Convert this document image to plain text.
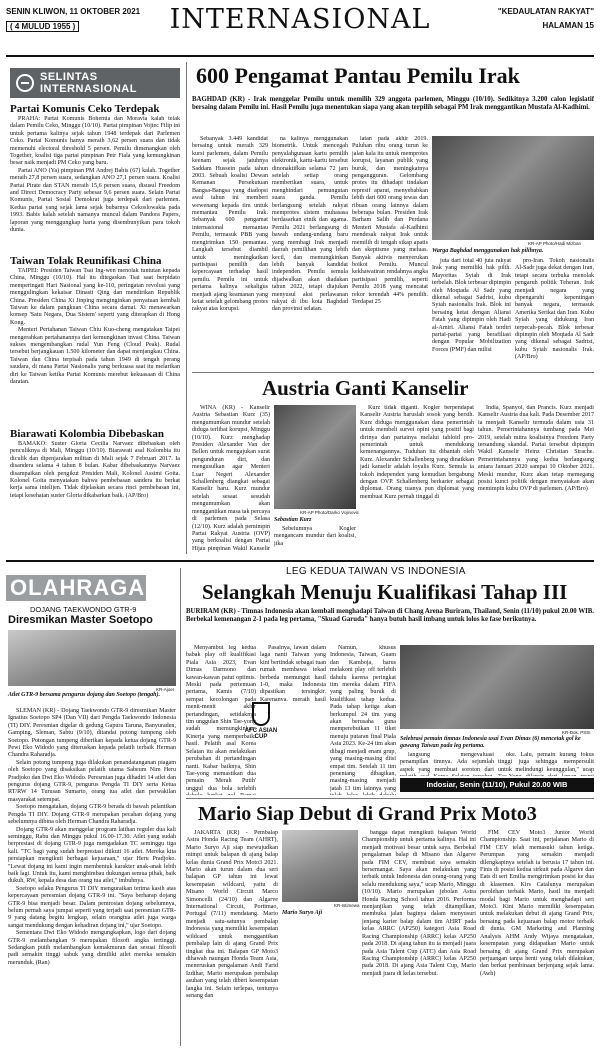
SENIN KLIWON, 11 OKTOBER 2021
( 4 MULUD 1955 )	INTERNASIONAL	"KEDAULATAN RAKYAT"
HALAMAN 15
SELINTAS INTERNASIONAL
Partai Komunis Ceko Terdepak

PRAHA: Partai Komunis Bohemia dan Moravia kalah telak dalam Pemilu Ceko, Minggu (10/10). Partai pimpinan Vojtec Filip ini untuk pertama kalinya sejak tahun 1948 terdepak dari Parlemen Ceko. Partai Komunis hanya meraih 3,62 persen suara dan tidak memenuhi electoral threshold 5 persen. Pemilu dimenangkan oleh Together, koalisi tiga partai pimpinan Petr Fiala yang kemungkinan besar naik menjadi PM Ceko yang baru.

Partai ANO (Ya) pimpinan PM Andrej Babis (67) kalah. Together meraih 27,8 persen suara, sedangkan ANO 27,1 persen suara. Koalisi Partai Pirate dan STAN meraih 15,6 persen suara, disusul Freedom and Direct Democracy Party sebesar 9,6 persen suara. Selain Partai Komunis, Partai Sosial Demokrat juga terdepak dari parlemen. Kedua partai yang sejak lama sejak bubarnya Cekoslowakia pada 1993. Babis kalah setelah namanya muncul dalam Pandora Papers, laporan yang menggungkap harta yang disembunyikan para tokoh dunia.

Taiwan Tolak Reunifikasi China

TAIPEI: Presiden Taiwan Tsai Ing-wen menolak tuntutan kepada China, Minggu (10/10). Hal itu ditegaskan Tsai saat berpidato memperingati Hari Nasional yang ke-110, peringatan revolusi yang menggulingkan kekaisar Dinasti Qing dan mendirikan Republik China. Presiden China Xi Jinping menginginkan penyatuan kembali Taiwan ke dalam pangkuan China secara damai. Xi menawarkan konsep 'Satu Negara, Dua Sistem' seperti yang diterapkan di Hong Kong.

Menteri Pertahanan Taiwan Chiu Kuo-cheng mengatakan Taipei mengerahkan pertahanannya dari kemungkinan invasi China. Taiwan sukses mengembangkan rudal Yun Feng (Cloud Peak). Rudal tersebut berjangkauan 1.500 kilometer dan dapat menjangkau China. Taiwan dan China terpisah pada tahun 1949 di tengah perang saudara, di mana Partai Nasionalis yang berkuasa saat itu melarikan diri ke Taiwan ketika Partai Komunis merebut kekuasaan di China daratan.

Biarawati Kolombia Dibebaskan

BAMAKO: Suster Gloria Cecilia Narvaez dibebaskan oleh penculiknya di Mali, Minggu (10/10). Biarawati asal Kolombia itu diculik dan dipenjarakan militan di Mali sejak 7 Februari 2017. Ia disandera selama 4 tahun 8 bulan. Kabar dibebaskannya Narvaez disampaikan oleh pengikut Presiden Mali, Kolonel Assimi Goita. Kolonel Goita menyatakan bahwa pembebasan sandera itu berkat kerja sama intelijen. Tidak dijelaskan secara rinci pembebasan ini, tetapi kesehatan suster Gloria dikabarkan baik. (AP/Bro)

600 Pengamat Pantau Pemilu Irak
BAGHDAD (KR) - Irak menggelar Pemilu untuk memilih 329 anggota parlemen, Minggu (10/10). Sedikitnya 3.200 calon legislatif bersaing dalam Pemilu ini. Hasil Pemilu juga menentukan siapa yang akan terpilih sebagai PM Irak menggantikan Mustafa Al-Kadhimi.

Sebanyak 3.449 kandidat bersaing untuk meraih 329 kursi parlemen, dalam Pemilu keenam sejak jatuhnya Saddam Hussein pada tahun 2003. Sebuah koalisi Dewan Kemanan Persekutuan Bangsa-Bangsa yang diadopsi awal tahun ini memberi wewenang kepada tim untuk memantau Pemilu Irak. Sebanyak 600 pengamat internasional memantau Pemilu, termasuk PBB yang mengirimkan 150 pemantau. Langkah tersebut diambil untuk meningkatkan partisipasi pemilih dan kepercayaan terhadap hasil pemilu. Pemilu ini untuk pertama kalinya sekaligus menjadi ajang keamanan yang ketat setelah gelombang protes rakyat atas korupsi.

na kalinya menggunakan biometrik. Untuk mencegah penyalahgunaan kartu pemilih elektronik, kartu-kartu tersebut dinonaktifkan selama 72 jam setelah setiap orang memberikan suara, untuk menghindari pemungutan suara ganda. Pemilu berlangsung setelah rakyat memprotes sistem muhasasa berdasarkan etnik dan agama. Pemilu 2021 berlangsung di bawah undang-undang baru yang membagi Irak menjadi daerah pemilihan yang lebih kecil, dan memungkinkan lebih banyak kandidat independen. Pemilu semula dijadwalkan akan diadakan tahun 2022, tetapi diajukan menyusul aksi perlawanan rakyat di ibu kota Baghdad dan provinsi selatan.

latan pada akhir 2019. Puluhan ribu orang turun ke jalan kala itu untuk memprotes korupsi, layanan publik yang buruk, dan meningkatnya pengangguran. Gelombang protes itu dihadapi tindakan represif aparat, menyebabkan lebih dari 600 orang tewas dan ribuan orang lainnya dalam beberapa bulan. Presiden Irak Barham Salih dan Perdana Menteri Mustafa al-Kadhimi mendesak rakyat Irak untuk memilih di tengah sikap apatis dan skeptisme yang meluas. Banyak aktivis menyerukan boikot Pemilu. Muncul kekhawatiran rendahnya angka partisipasi pemilih, seperti Pemilu 2018 yang mencatat rekor terendah 44% pemilih. Terdapat 25

KR-AP Photo/Hadi Mizban
Warga Baghdad menggunakan hak pilihnya.

juta dari total 40 juta rakyat Irak yang memiliki hak pilih. Mayoritas Syiah di Irak terbelah. Blok terbesar dipimpin oleh Moqtada Al Sadr yang dikenal sebagai Sadrist, kubu Syiah nasionalis Irak. Blok ini bersaing ketat dengan Aliansi Fatah yang dipimpin oleh Hadi al-Amiri. Aliansi Fatah terdiri partai-partai yang berafiliasi dengan Popular Mobilization Forces (PMF) dan milisi

pro-Iran. Tokoh nasionalis Al-Sadr juga dekat dengan Iran, tetapi secara terbuka menolak pengaruh politik Teheran. Irak menjadi negara yang dipengaruhi kepentingan banyak negara, termasuk Amerika Serikat dan Iran. Kubu Syiah yang didukung Iran terpecah-pecah. Blok terbesar dipimpin oleh Moqtada Al Sadr yang dikenal sebagai Sadrist, kubu Syiah nasionalis Irak. (AP/Bro)

Austria Ganti Kanselir

WINA (KR) - Kanselir Austria Sebastian Kurz (35) mengumumkan mundur setelah diduga terlibat korupsi, Minggu (10/10). Kurz menghadap Presiden Alexander Van der Bellen untuk mengajukan surat pengunduran diri, dan mengusulkan agar Menteri Luar Negeri Alexander Schallenberg diangkat sebagai Kanselir baru. Kurz mundur setelah sesaat sesudah mengumumkan akan menggantikan masa tak percaya di parlemen pada Selasa (12/10). Kurz adalah pemimpin Partai Rakyat Austria (OVP) yang berkoalisi dengan Partai Hijau pimpinan Wakil Kanselir

KR-AP Photo/Darko Vojinovic
Sebastian Kurz

Sebelumnya Kogler mengancam mundur dari koalisi, jika

Kurz tidak diganti. Kogler berpendapat Kanselir Austria haruslah sosok yang bersih. Kurz diduga menggunakan dana pemerintah untuk membeli survei opini yang positif bagi dirinya dan partainya melalui tabloid pro-pemerintah untuk mendukung kemenangannya. Tuduhan itu dibantah oleh Kurz. Alexander Schallenberg yang dinaikkan jadi kanselir adalah loyalis Kurz. Semula ia tokoh independen yang kemudian bergabung dengan OVP. Schallenberg berkarier sebagai diplomat. Orang tuanya pun diplomat yang membuat Kurz pernah tinggal di

India, Spanyol, dan Prancis. Kurz menjadi Kanselir Austria dua kali. Pada Desember 2017 ia menjadi Kanselir termuda dalam usia 31 tahun. Pemerintahannya tumbang pada Mei 2019, setelah mitra koalisinya Freedom Party tersandung skandal. Partai tersebut dipimpin Wakil Kanselir Heinz Christian Strache. Pemerintahannya yang kedua berlangsung antara Januari 2020 sampai 10 Oktober 2021. Meski mundur, Kurz akan tetap memegang posisi kunci politik dengan menyatakan akan memimpin kubu OVP di parlemen. (AP/Bro)

OLAHRAGA
DOJANG TAEKWONDO GTR-9
Diresmikan Master Soetopo
KR-Ajoer
Atlet GTR-9 bersama pengurus dojang dan Soetopo (tengah).

SLEMAN (KR) - Dojang Taekwondo GTR-9 diresmikan Master Ignatius Soetopo SP4 (Dan VII) dari Pengda Taekwondo Indonesia (TI) DIY. Peresmian digelar di gedung Gapura Taruna, Banyuraden, Gamping, Sleman, Sabtu (9/10), ditandai potong tumpeng oleh Soetopo. Potongan tumpeng diberikan kepada ketua dojang GTR-9 Pewi Eko Widodo yang diteruskan kepada pelatih terbaik Herman Chandra Raharadja.

Selain potong tumpeng juga dilakukan penandatanganan piagam oleh Soetopo yang disaksikan pelatih utama Sabeum Nim Heru Pradjoko dan Dwi Eko Widodo. Peresmian juga dihadiri 14 atlet dan pengurus dojang GTR-9, pengurus Pengda TI DIY serta Ketua RT/RW 14 Turusan Sumarto, orang tua atlet dan perwakilan masyarakat setempat.

Soetopo mengatakan, dojang GTR-9 berada di bawah pelantikan Pengda TI DIY. Dojang GTR-9 merupakan pecahan dojang yang sebelumnya dibina oleh Herman Chandra Raharadja.

Dojang GTR-9 akan menggelar program latihan reguler dua kali seminggu, Rabu dan Minggu pukul 16.00-17.30. Atlet yang sudah berprestasi di dojang GTR-9 juga mengadakan TC seminggu tiga kali. "TC bagi yang sudah berprestasi diikuti 16 atlet. Mereka kita persiapkan mengikuti berbagai kejuaraan," ujar Heru Pradjoko. "Lewat dojang ini kami ingin membentuk karakter anak-anak lebih baik lagi. Untuk itu, kami menghimbau dukungan semua pihak, baik dukuh, RW, kepala desa dan orang tua atlet," imbuhnya.

Soetopo selaku Pengurus TI DIY menguraikan terima kasih atas kepercayaan peresmian dojang GTR-9 ini. "Saya berharap dojang GTR-9 bisa menjadi besar. Dalam pemrosian dojang sebelumnya, belum pernah saya jumpai seperti yang terjadi saat peresmian GTR-9 yang datang begitu lengkap, selain orangtua atlet juga warga sangat mendukung dengan kehadiran dojang ini," ujar Soetopo.

Sementara Dwi Eko Widodo mengungkapkan, logo dari dojang GTR-9 melambangkan 9 merupakan filosofi angka tertinggi. Sedangkan putih melambangkan kemakmuran dan sesuai filosofi padi semakin tinggi sabuk yang dimiliki atlet mereka semakin merunduk. (Ran)

LEG KEDUA TAIWAN VS INDONESIA
Selangkah Menuju Kualifikasi Tahap III
BURIRAM (KR) - Timnas Indonesia akan kembali menghadapi Taiwan di Chang Arena Buriram, Thailand, Senin (11/10) pukul 20.00 WIB. Berbekal kemenangan 2-1 pada leg pertama, "Skuad Garuda" hanya butuh hasil imbang untuk lolos ke fase berikutnya.

Menyambut leg kedua babak play off kualifikasi Piala Asia 2023, Evan Dimas Darmono dan kawan-kawan patut optimis. Meski pada pertemuan pertama, Kamis (7/10) sempat kecolongan pada menit-menit akhir pertandingan, setidaknya tim unggulan Shin Tae-yong sudah memungkinkan. Kinerja yang memperbaiki hasil. Pelatih asal Korea Selatan itu akan melakukan perubahan di pertandingan nanti. Kabar baiknya, Shin Tae-yong memastikan dua pemain 'Merah Putih' unggul dua bola terlebih

Pasalnya, lawan dalam laga nanti Taiwan yang kini bertindak sebagai tuan rumah membawa tekad berbeda memungut hasil 1-0, maka Indonesia dipastikan tersingkir. Karenanya, meraih hasil

AFC ASIAN CUP

Namun, khusus Indonesia, Taiwan, Guam dan Kamboja, harus melakoni play off terlebih dahulu karena peringkat tim mereka dalam FIFA yang paling buruk di kualifikasi tahap kedua. Pada tahap ketiga akan berkumpul 24 tim yang akan berusaha guna memperebutkan 11 tiket menuju putaran final Piala Asia 2023. Ke-24 tim akan dibagi menjadi enam grup, yang masing-masing diisi empat tim. Setelah 11 tim penentang dibagikan, masing-masing menjadi jatah 13 tim lainnya yang

KR-Dok. PSSI
Selebrasi pemain timnas Indonesia usai Evan Dimas (6) mencetak gol ke gawang Taiwan pada leg pertama.

langsung mengevaluasi penampilan timnya. Ada sejumlah aspek yang membuat soroton dari

oke. Lalu, pemain kurang fokus tinggi juga sehingga mempersulit untuk melindungi keunggulan," ucap

Indosiar, Senin (11/10), Pukul 20.00 WIB
Mario Siap Debut di Grand Prix Moto3

JAKARTA (KR) - Pembalap Astra Honda Racing Team (AHRT), Mario Suryo Aji siap mewujudkan mimpi untuk balapan di ajang balap kelas dunia Grand Prix Moto3 2021. Mario akan turun dalam dua seri balapan GP tahun ini lewat kesempatan wildcard, yaitu di Misano World Circuit Marco Simoncelli (24/10) dan Algarve International Circuit, Portimao, Portugal (7/11) mendatang. Mario menjadi satu-satunya pembalap Indonesia yang memiliki kesempatan wildcard untuk menggantikan pembalap lain di ajang Grand Prix tingkat dua ini. Balapan GP Moto3 dihawah naungan Honda Team Asia, meneruskan pengalaman Andi Farid Izdihar, Mario merupakan pembalap asuhan yang telah diberi kesempatan langka ini. Selain terlepas, tentunya senang dan

KR-Istimewa
Mario Suryo Aji

bangga dapat mengikuti balapan World Championship untuk pertama kalinya. Hal ini menjadi motivasi besar untuk saya. Berbekal pengalaman balap di Misano dan Algarve pada FIM CEV, membuat saya semakin bersemangat. Saya akan melakukan yang terbaik untuk Indonesia dan orang-orang yang selalu mendukung saya," ucap Mario, Minggu (10/10). Mario merupakan jebolan Astra Honda Racing School tahun 2016. Performa menjanjikan yang telah ditampilkan, membuka jalan baginya dalam menyusuri jenjang karier balap dalam tim AHRT pada kelas ARRC (AP250) kategori Asia Road Racing Championship (ARRC) kelas AP250 pada 2018. Di ajang tahun itu ia menjadi juara pada Asia Talent Cup (ATC) dan Asia Road Racing Championship (ARRC) kelas AP250 pada 2018. Di ajang Asia Talent Cup, Mario menjadi juara di kelas tersebut.

FIM CEV Moto3 Junior World Championship. Saat ini, perjalanan Mario di FIM CEV telah memasuki tahun ketiga. Perumpan yang semakin menjadi dilengkapinya setelah ia berusia 17 tahun ini. Finis di posisi kedua sirkuit pada Algarve dan Eats di seri Emilia mengirimkan posisi ke dua di klasemen. Kirs Catalunya merupakan perolehan terbaik Mario, hasil itu menjadi modal bagi Mario untuk menghadapi seri Moto3. Kini Mario memiliki kesempatan untuk melakukan debut di ajang Grand Prix, bersaing pada kejuaraan balap motor terbaik di dunia. GM Marketing and Planning Analysis AHM Andy Wijaya mengatakan, kesempatan yang didapatkan Mario untuk bersaing di ajang Grand Prix merupakan perjuangan tanpa henti yang telah dilakukan, dan berkat pembinaan berjenjang sejak lama. (Awh)
